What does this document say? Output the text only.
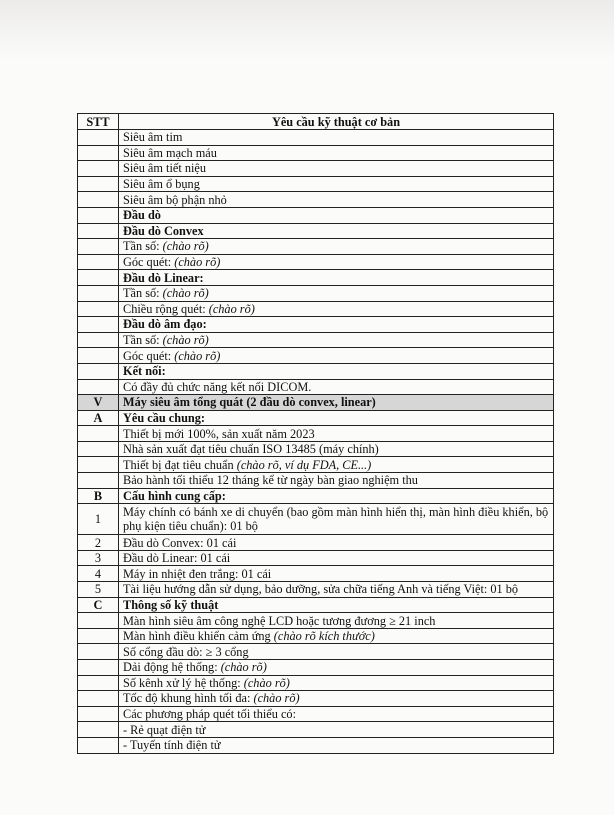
STT	Yêu cầu kỹ thuật cơ bản
	Siêu âm tim
	Siêu âm mạch máu
	Siêu âm tiết niệu
	Siêu âm ổ bụng
	Siêu âm bộ phận nhỏ
	Đầu dò
	Đầu dò Convex
	Tần số: (chào rõ)
	Góc quét: (chào rõ)
	Đầu dò Linear:
	Tần số: (chào rõ)
	Chiều rộng quét: (chào rõ)
	Đầu dò âm đạo:
	Tần số: (chào rõ)
	Góc quét: (chào rõ)
	Kết nối:
	Có đầy đủ chức năng kết nối DICOM.
V	Máy siêu âm tổng quát (2 đầu dò convex, linear)
A	Yêu cầu chung:
	Thiết bị mới 100%, sản xuất năm 2023
	Nhà sản xuất đạt tiêu chuẩn ISO 13485 (máy chính)
	Thiết bị đạt tiêu chuẩn (chào rõ, ví dụ FDA, CE...)
	Bảo hành tối thiểu 12 tháng kể từ ngày bàn giao nghiệm thu
B	Cấu hình cung cấp:
1	Máy chính có bánh xe di chuyển (bao gồm màn hình hiển thị, màn hình điều khiển, bộ phụ kiện tiêu chuẩn): 01 bộ
2	Đầu dò Convex: 01 cái
3	Đầu dò Linear: 01 cái
4	Máy in nhiệt đen trắng: 01 cái
5	Tài liệu hướng dẫn sử dụng, bảo dưỡng, sửa chữa tiếng Anh và tiếng Việt: 01 bộ
C	Thông số kỹ thuật
	Màn hình siêu âm công nghệ LCD hoặc tương đương ≥ 21 inch
	Màn hình điều khiển cảm ứng (chào rõ kích thước)
	Số cổng đầu dò: ≥ 3 cổng
	Dải động hệ thống: (chào rõ)
	Số kênh xử lý hệ thống: (chào rõ)
	Tốc độ khung hình tối đa: (chào rõ)
	Các phương pháp quét tối thiểu có:
	- Rẻ quạt điện tử
	- Tuyến tính điện tử
